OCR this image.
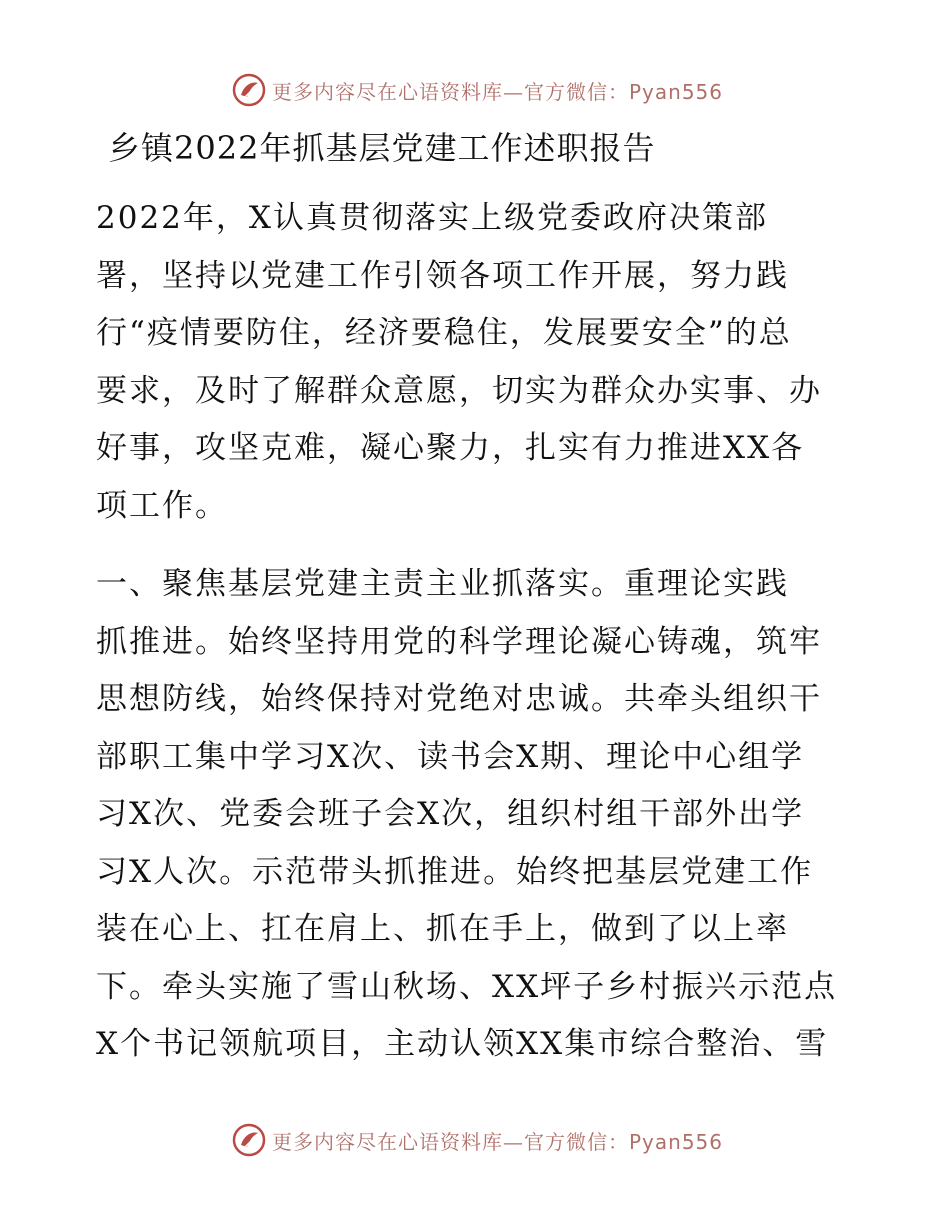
更多内容尽在心语资料库—官方微信：Pyan556
乡镇2022年抓基层党建工作述职报告

2022年，X认真贯彻落实上级党委政府决策部
署，坚持以党建工作引领各项工作开展，努力践
行“疫情要防住，经济要稳住，发展要安全”的总
要求，及时了解群众意愿，切实为群众办实事、办
好事，攻坚克难，凝心聚力，扎实有力推进XX各
项工作。

一、聚焦基层党建主责主业抓落实。重理论实践
抓推进。始终坚持用党的科学理论凝心铸魂，筑牢
思想防线，始终保持对党绝对忠诚。共牵头组织干
部职工集中学习X次、读书会X期、理论中心组学
习X次、党委会班子会X次，组织村组干部外出学
习X人次。示范带头抓推进。始终把基层党建工作
装在心上、扛在肩上、抓在手上，做到了以上率
下。牵头实施了雪山秋场、XX坪子乡村振兴示范点
X个书记领航项目，主动认领XX集市综合整治、雪

更多内容尽在心语资料库—官方微信：Pyan556
